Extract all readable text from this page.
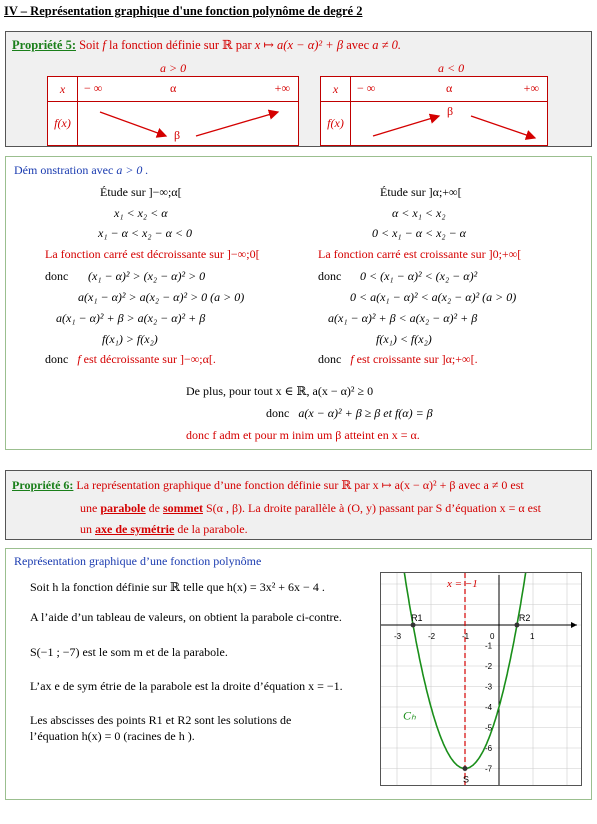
IV – Représentation graphique d'une fonction polynôme de degré 2
Propriété 5: Soit f la fonction définie sur ℝ par x ↦ a(x − α)² + β avec a ≠ 0.
a > 0
x	− ∞ α +∞

f(x)	β
a < 0
x	− ∞ α +∞

f(x)	β
Dém onstration avec a > 0 .
Étude sur ]−∞;α[
x₁ < x₂ < α
x₁ − α < x₂ − α < 0
La fonction carré est décroissante sur ]−∞;0[
donc (x₁ − α)² > (x₂ − α)² > 0
a(x₁ − α)² > a(x₂ − α)² > 0 (a > 0)
a(x₁ − α)² + β > a(x₂ − α)² + β
f(x₁) > f(x₂)
donc f est décroissante sur ]−∞;α[.
Étude sur ]α;+∞[
α < x₁ < x₂
0 < x₁ − α < x₂ − α
La fonction carré est croissante sur ]0;+∞[
donc 0 < (x₁ − α)² < (x₂ − α)²
0 < a(x₁ − α)² < a(x₂ − α)² (a > 0)
a(x₁ − α)² + β < a(x₂ − α)² + β
f(x₁) < f(x₂)
donc f est croissante sur ]α;+∞[.
De plus, pour tout x ∈ ℝ, a(x − α)² ≥ 0
donc a(x − α)² + β ≥ β et f(α) = β
donc f adm et pour m inim um β atteint en x = α.
Propriété 6: La représentation graphique d’une fonction définie sur ℝ par x ↦ a(x − α)² + β avec a ≠ 0 est
une parabole de sommet S(α , β). La droite parallèle à (O, y) passant par S d’équation x = α est
un axe de symétrie de la parabole.
Représentation graphique d’une fonction polynôme
Soit h la fonction définie sur ℝ telle que h(x) = 3x² + 6x − 4 .
A l’aide d’un tableau de valeurs, on obtient la parabole ci-contre.
S(−1 ; −7) est le som m et de la parabole.
L’ax e de sym étrie de la parabole est la droite d’équation x = −1.
Les abscisses des points R1 et R2 sont les solutions de
l’équation h(x) = 0 (racines de h ).
-3	-2	-1	0	1
-1
-2
-3
-4
-5
-6
-7
x = −1
R1	R2
S
Cₕ
